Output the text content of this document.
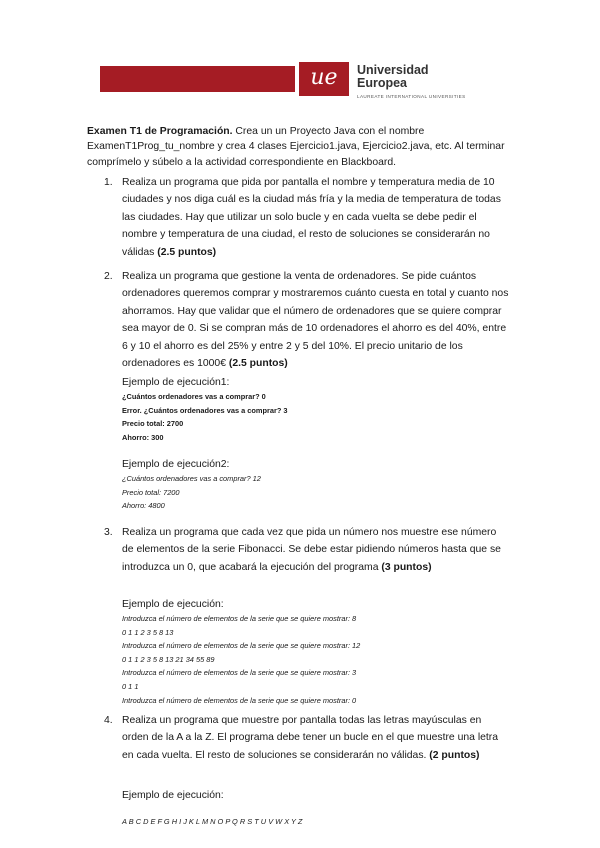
ue	Universidad
Europea
LAUREATE INTERNATIONAL UNIVERSITIES
Examen T1 de Programación. Crea un un Proyecto Java con el nombre ExamenT1Prog_tu_nombre y crea 4 clases Ejercicio1.java, Ejercicio2.java, etc. Al terminar comprímelo y súbelo a la actividad correspondiente en Blackboard.
1. Realiza un programa que pida por pantalla el nombre y temperatura media de 10 ciudades y nos diga cuál es la ciudad más fría y la media de temperatura de todas las ciudades. Hay que utilizar un solo bucle y en cada vuelta se debe pedir el nombre y temperatura de una ciudad, el resto de soluciones se considerarán no válidas (2.5 puntos)
2. Realiza un programa que gestione la venta de ordenadores. Se pide cuántos ordenadores queremos comprar y mostraremos cuánto cuesta en total y cuanto nos ahorramos. Hay que validar que el número de ordenadores que se quiere comprar sea mayor de 0. Si se compran más de 10 ordenadores el ahorro es del 40%, entre 6 y 10 el ahorro es del 25% y entre 2 y 5 del 10%. El precio unitario de los ordenadores es 1000€ (2.5 puntos)
Ejemplo de ejecución1:
¿Cuántos ordenadores vas a comprar? 0
Error. ¿Cuántos ordenadores vas a comprar? 3
Precio total: 2700
Ahorro: 300
Ejemplo de ejecución2:
¿Cuántos ordenadores vas a comprar? 12
Precio total: 7200
Ahorro: 4800
3. Realiza un programa que cada vez que pida un número nos muestre ese número de elementos de la serie Fibonacci. Se debe estar pidiendo números hasta que se introduzca un 0, que acabará la ejecución del programa (3 puntos)
Ejemplo de ejecución:
Introduzca el número de elementos de la serie que se quiere mostrar: 8
0 1 1 2 3 5 8 13
Introduzca el número de elementos de la serie que se quiere mostrar: 12
0 1 1 2 3 5 8 13 21 34 55 89
Introduzca el número de elementos de la serie que se quiere mostrar: 3
0 1 1
Introduzca el número de elementos de la serie que se quiere mostrar: 0
4. Realiza un programa que muestre por pantalla todas las letras mayúsculas en orden de la A a la Z. El programa debe tener un bucle en el que muestre una letra en cada vuelta. El resto de soluciones se considerarán no válidas. (2 puntos)
Ejemplo de ejecución:
A B C D E F G H I J K L M N O P Q R S T U V W X Y Z
